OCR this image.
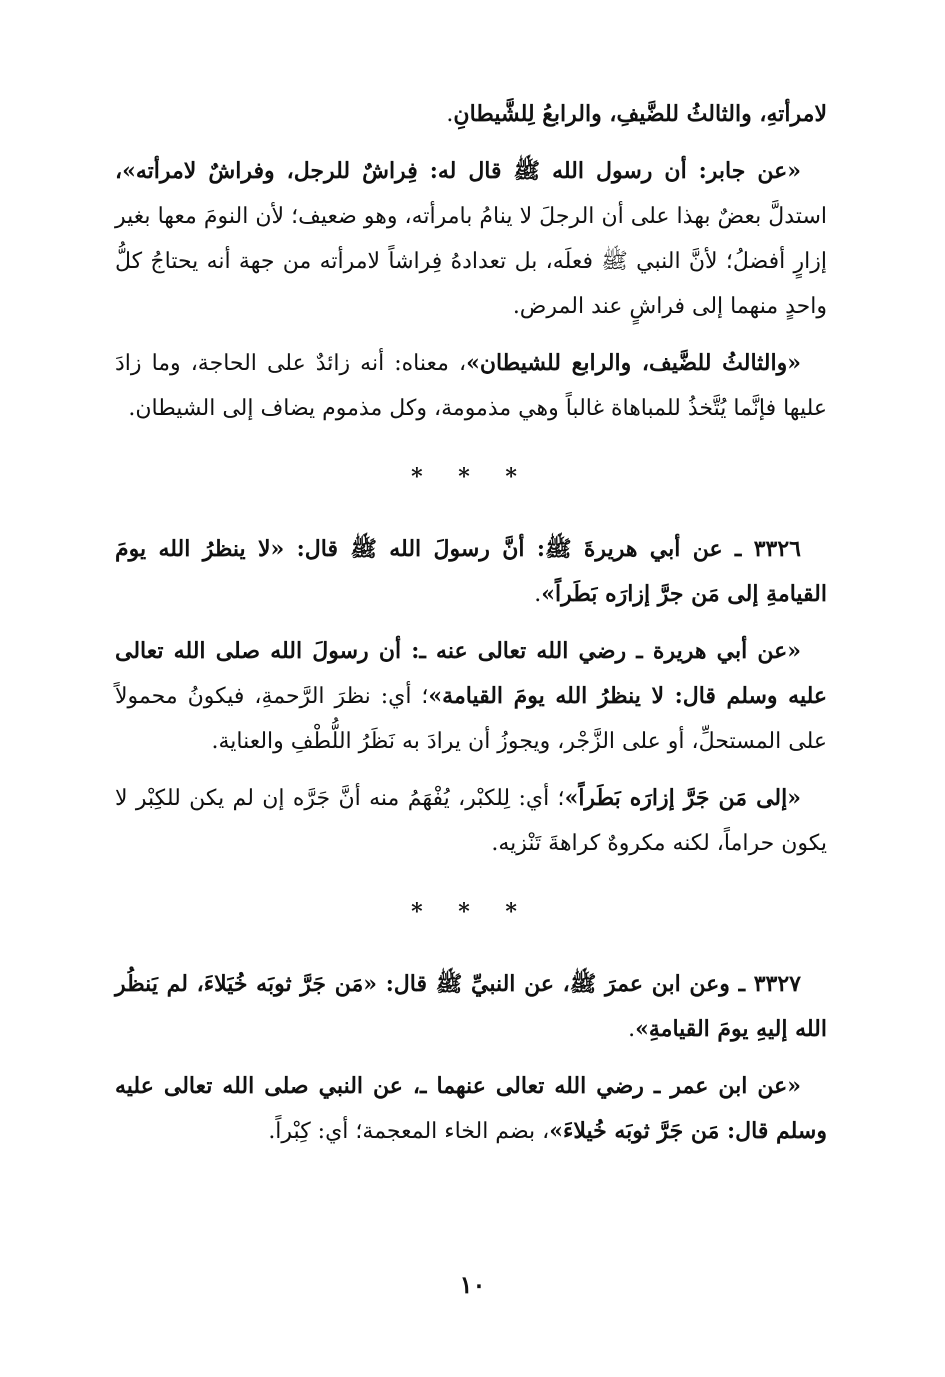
لامرأتهِ، والثالثُ للضَّيفِ، والرابعُ لِلشَّيطانِ.

«عن جابر: أن رسول الله ﷺ قال له: فِراشٌ للرجل، وفراشٌ لامرأته»، استدلَّ بعضٌ بهذا على أن الرجلَ لا ينامُ بامرأته، وهو ضعيف؛ لأن النومَ معها بغير إزارٍ أفضلُ؛ لأنَّ النبي ﷺ فعلَه، بل تعدادهُ فِراشاً لامرأته من جهة أنه يحتاجُ كلُّ واحدٍ منهما إلى فراشٍ عند المرض.

«والثالثُ للضَّيف، والرابع للشيطان»، معناه: أنه زائدٌ على الحاجة، وما زادَ عليها فإنَّما يُتَّخذُ للمباهاة غالباً وهي مذمومة، وكل مذموم يضاف إلى الشيطان.

* * *

٣٣٢٦ ـ عن أبي هريرةَ ﷺ: أنَّ رسولَ الله ﷺ قال: «لا ينظرُ الله يومَ القيامةِ إلى مَن جرَّ إزارَه بَطَراً».

«عن أبي هريرة ـ رضي الله تعالى عنه ـ: أن رسولَ الله صلى الله تعالى عليه وسلم قال: لا ينظرُ الله يومَ القيامة»؛ أي: نظرَ الرَّحمةِ، فيكونُ محمولاً على المستحلِّ، أو على الزَّجْر، ويجوزُ أن يرادَ به نَظَرُ اللُّطْفِ والعناية.

«إلى مَن جَرَّ إزارَه بَطَراً»؛ أي: لِلكبْر، يُفْهَمُ منه أنَّ جَرَّه إن لم يكن للكِبْر لا يكون حراماً، لكنه مكروهٌ كراهةَ تَنْزيه.

* * *

٣٣٢٧ ـ وعن ابن عمرَ ﷺ، عن النبيِّ ﷺ قال: «مَن جَرَّ ثوبَه خُيَلاءَ، لم يَنظُر الله إليهِ يومَ القيامةِ».

«عن ابن عمر ـ رضي الله تعالى عنهما ـ، عن النبي صلى الله تعالى عليه وسلم قال: مَن جَرَّ ثوبَه خُيلاءَ»، بضم الخاء المعجمة؛ أي: كِبْراً.

١٠
